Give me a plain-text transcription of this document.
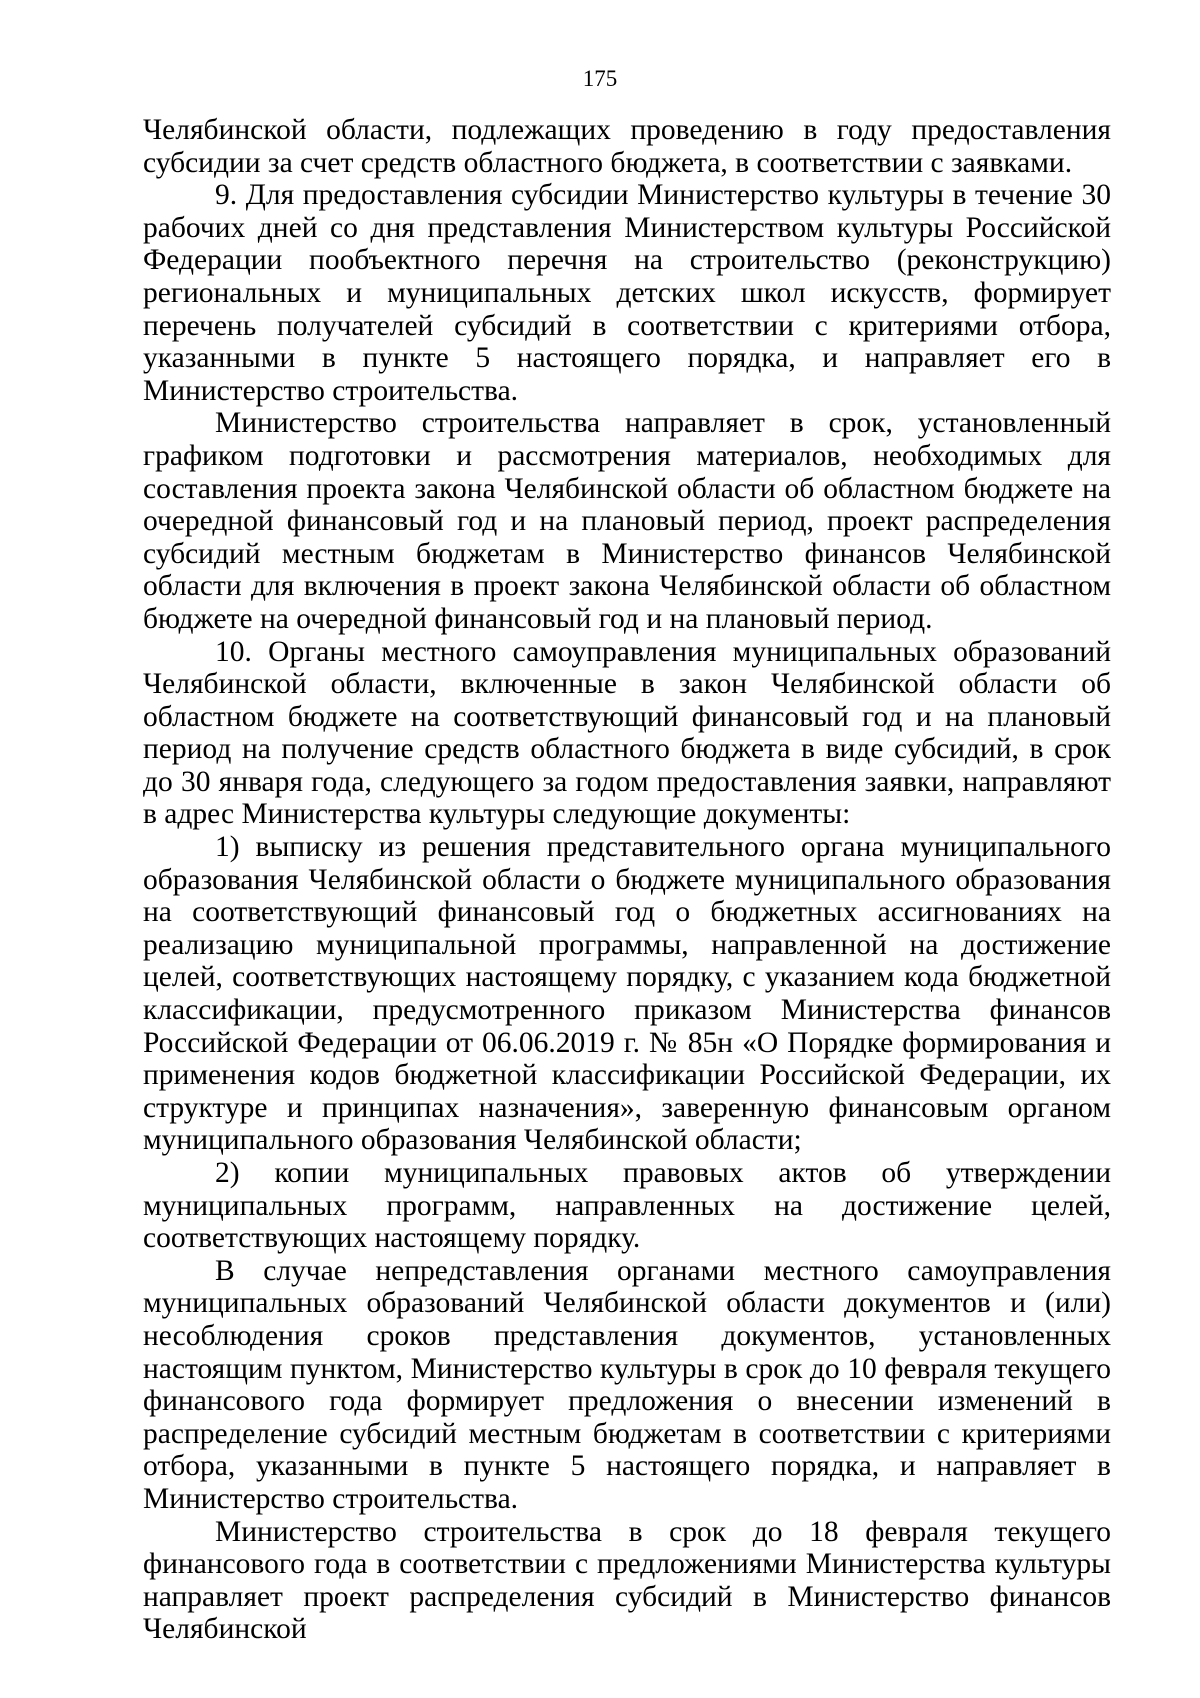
175

Челябинской области, подлежащих проведению в году предоставления субсидии за счет средств областного бюджета, в соответствии с заявками.

9. Для предоставления субсидии Министерство культуры в течение 30 рабочих дней со дня представления Министерством культуры Российской Федерации пообъектного перечня на строительство (реконструкцию) региональных и муниципальных детских школ искусств, формирует перечень получателей субсидий в соответствии с критериями отбора, указанными в пункте 5 настоящего порядка, и направляет его в Министерство строительства.

Министерство строительства направляет в срок, установленный графиком подготовки и рассмотрения материалов, необходимых для составления проекта закона Челябинской области об областном бюджете на очередной финансовый год и на плановый период, проект распределения субсидий местным бюджетам в Министерство финансов Челябинской области для включения в проект закона Челябинской области об областном бюджете на очередной финансовый год и на плановый период.

10. Органы местного самоуправления муниципальных образований Челябинской области, включенные в закон Челябинской области об областном бюджете на соответствующий финансовый год и на плановый период на получение средств областного бюджета в виде субсидий, в срок до 30 января года, следующего за годом предоставления заявки, направляют в адрес Министерства культуры следующие документы:

1) выписку из решения представительного органа муниципального образования Челябинской области о бюджете муниципального образования на соответствующий финансовый год о бюджетных ассигнованиях на реализацию муниципальной программы, направленной на достижение целей, соответствующих настоящему порядку, с указанием кода бюджетной классификации, предусмотренного приказом Министерства финансов Российской Федерации от 06.06.2019 г. № 85н «О Порядке формирования и применения кодов бюджетной классификации Российской Федерации, их структуре и принципах назначения», заверенную финансовым органом муниципального образования Челябинской области;

2) копии муниципальных правовых актов об утверждении муниципальных программ, направленных на достижение целей, соответствующих настоящему порядку.

В случае непредставления органами местного самоуправления муниципальных образований Челябинской области документов и (или) несоблюдения сроков представления документов, установленных настоящим пунктом, Министерство культуры в срок до 10 февраля текущего финансового года формирует предложения о внесении изменений в распределение субсидий местным бюджетам в соответствии с критериями отбора, указанными в пункте 5 настоящего порядка, и направляет в Министерство строительства.

Министерство строительства в срок до 18 февраля текущего финансового года в соответствии с предложениями Министерства культуры направляет проект распределения субсидий в Министерство финансов Челябинской
